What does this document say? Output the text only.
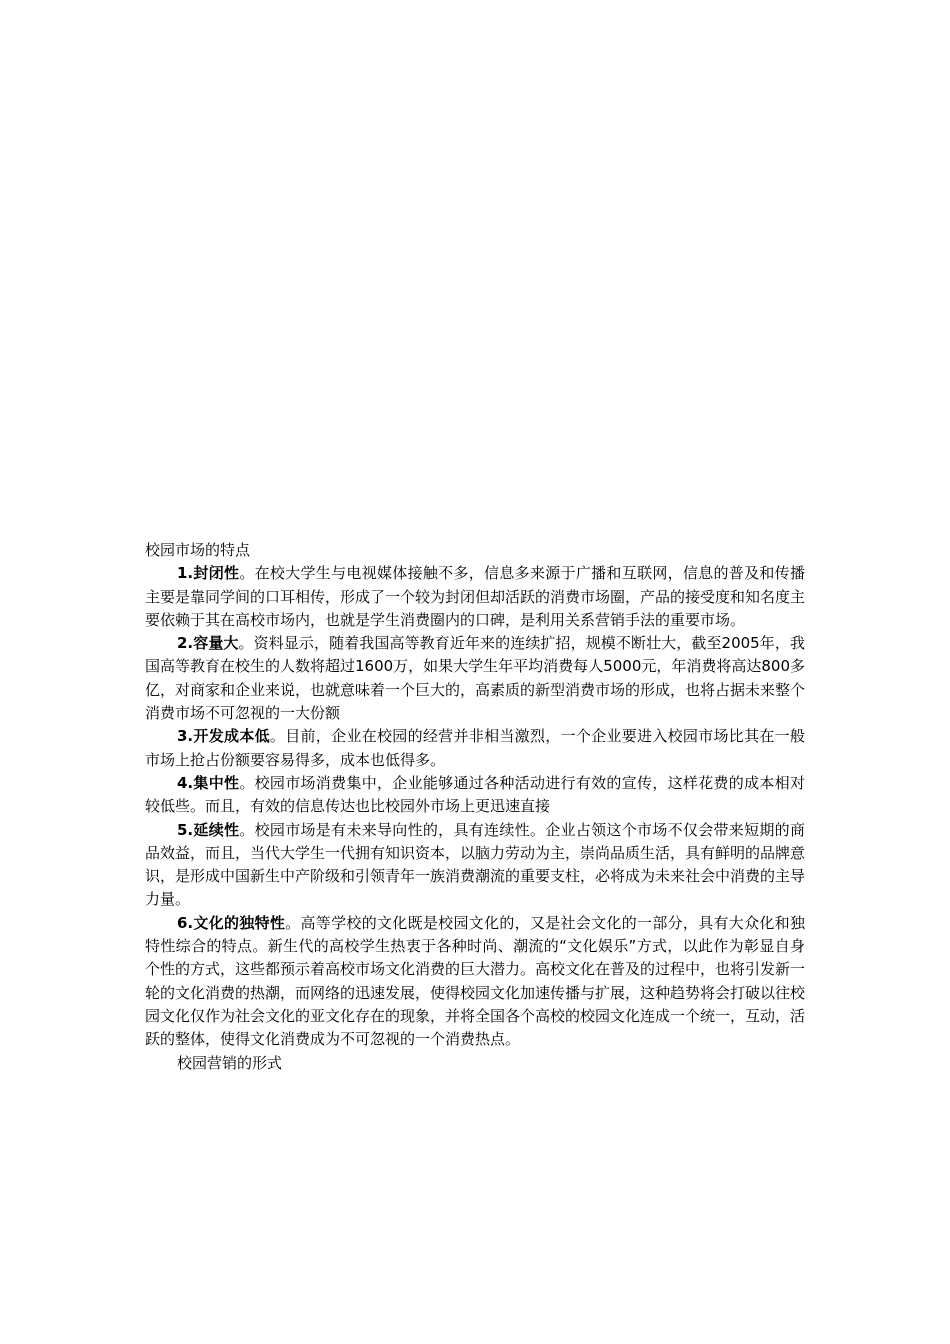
校园市场的特点

1.封闭性。在校大学生与电视媒体接触不多，信息多来源于广播和互联网，信息的普及和传播主要是靠同学间的口耳相传，形成了一个较为封闭但却活跃的消费市场圈，产品的接受度和知名度主要依赖于其在高校市场内，也就是学生消费圈内的口碑，是利用关系营销手法的重要市场。

2.容量大。资料显示，随着我国高等教育近年来的连续扩招，规模不断壮大，截至2005年，我国高等教育在校生的人数将超过1600万，如果大学生年平均消费每人5000元，年消费将高达800多亿，对商家和企业来说，也就意味着一个巨大的，高素质的新型消费市场的形成，也将占据未来整个消费市场不可忽视的一大份额

3.开发成本低。目前，企业在校园的经营并非相当激烈，一个企业要进入校园市场比其在一般市场上抢占份额要容易得多，成本也低得多。

4.集中性。校园市场消费集中，企业能够通过各种活动进行有效的宣传，这样花费的成本相对较低些。而且，有效的信息传达也比校园外市场上更迅速直接

5.延续性。校园市场是有未来导向性的，具有连续性。企业占领这个市场不仅会带来短期的商品效益，而且，当代大学生一代拥有知识资本，以脑力劳动为主，崇尚品质生活，具有鲜明的品牌意识，是形成中国新生中产阶级和引领青年一族消费潮流的重要支柱，必将成为未来社会中消费的主导力量。

6.文化的独特性。高等学校的文化既是校园文化的，又是社会文化的一部分，具有大众化和独特性综合的特点。新生代的高校学生热衷于各种时尚、潮流的“文化娱乐”方式，以此作为彰显自身个性的方式，这些都预示着高校市场文化消费的巨大潜力。高校文化在普及的过程中，也将引发新一轮的文化消费的热潮，而网络的迅速发展，使得校园文化加速传播与扩展，这种趋势将会打破以往校园文化仅作为社会文化的亚文化存在的现象，并将全国各个高校的校园文化连成一个统一，互动，活跃的整体，使得文化消费成为不可忽视的一个消费热点。

校园营销的形式
